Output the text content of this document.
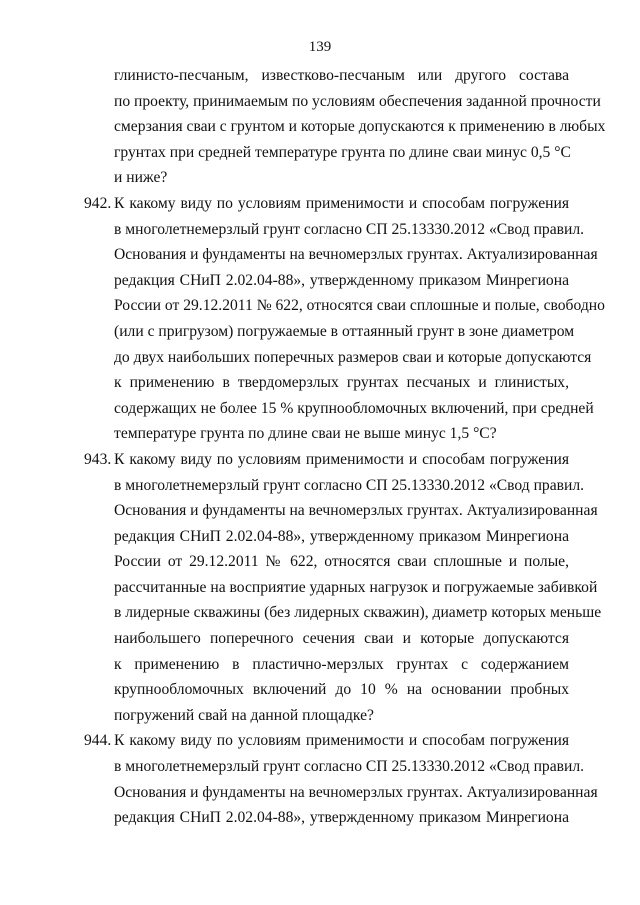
139
глинисто-песчаным, известково-песчаным или другого состава
по проекту, принимаемым по условиям обеспечения заданной прочности
смерзания сваи с грунтом и которые допускаются к применению в любых
грунтах при средней температуре грунта по длине сваи минус 0,5 °С
и ниже?
942. К какому виду по условиям применимости и способам погружения
в многолетнемерзлый грунт согласно СП 25.13330.2012 «Свод правил.
Основания и фундаменты на вечномерзлых грунтах. Актуализированная
редакция СНиП 2.02.04-88», утвержденному приказом Минрегиона
России от 29.12.2011 № 622, относятся сваи сплошные и полые, свободно
(или с пригрузом) погружаемые в оттаянный грунт в зоне диаметром
до двух наибольших поперечных размеров сваи и которые допускаются
к применению в твердомерзлых грунтах песчаных и глинистых,
содержащих не более 15 % крупнообломочных включений, при средней
температуре грунта по длине сваи не выше минус 1,5 °С?
943. К какому виду по условиям применимости и способам погружения
в многолетнемерзлый грунт согласно СП 25.13330.2012 «Свод правил.
Основания и фундаменты на вечномерзлых грунтах. Актуализированная
редакция СНиП 2.02.04-88», утвержденному приказом Минрегиона
России от 29.12.2011 № 622, относятся сваи сплошные и полые,
рассчитанные на восприятие ударных нагрузок и погружаемые забивкой
в лидерные скважины (без лидерных скважин), диаметр которых меньше
наибольшего поперечного сечения сваи и которые допускаются
к применению в пластично-мерзлых грунтах с содержанием
крупнообломочных включений до 10 % на основании пробных
погружений свай на данной площадке?
944. К какому виду по условиям применимости и способам погружения
в многолетнемерзлый грунт согласно СП 25.13330.2012 «Свод правил.
Основания и фундаменты на вечномерзлых грунтах. Актуализированная
редакция СНиП 2.02.04-88», утвержденному приказом Минрегиона
